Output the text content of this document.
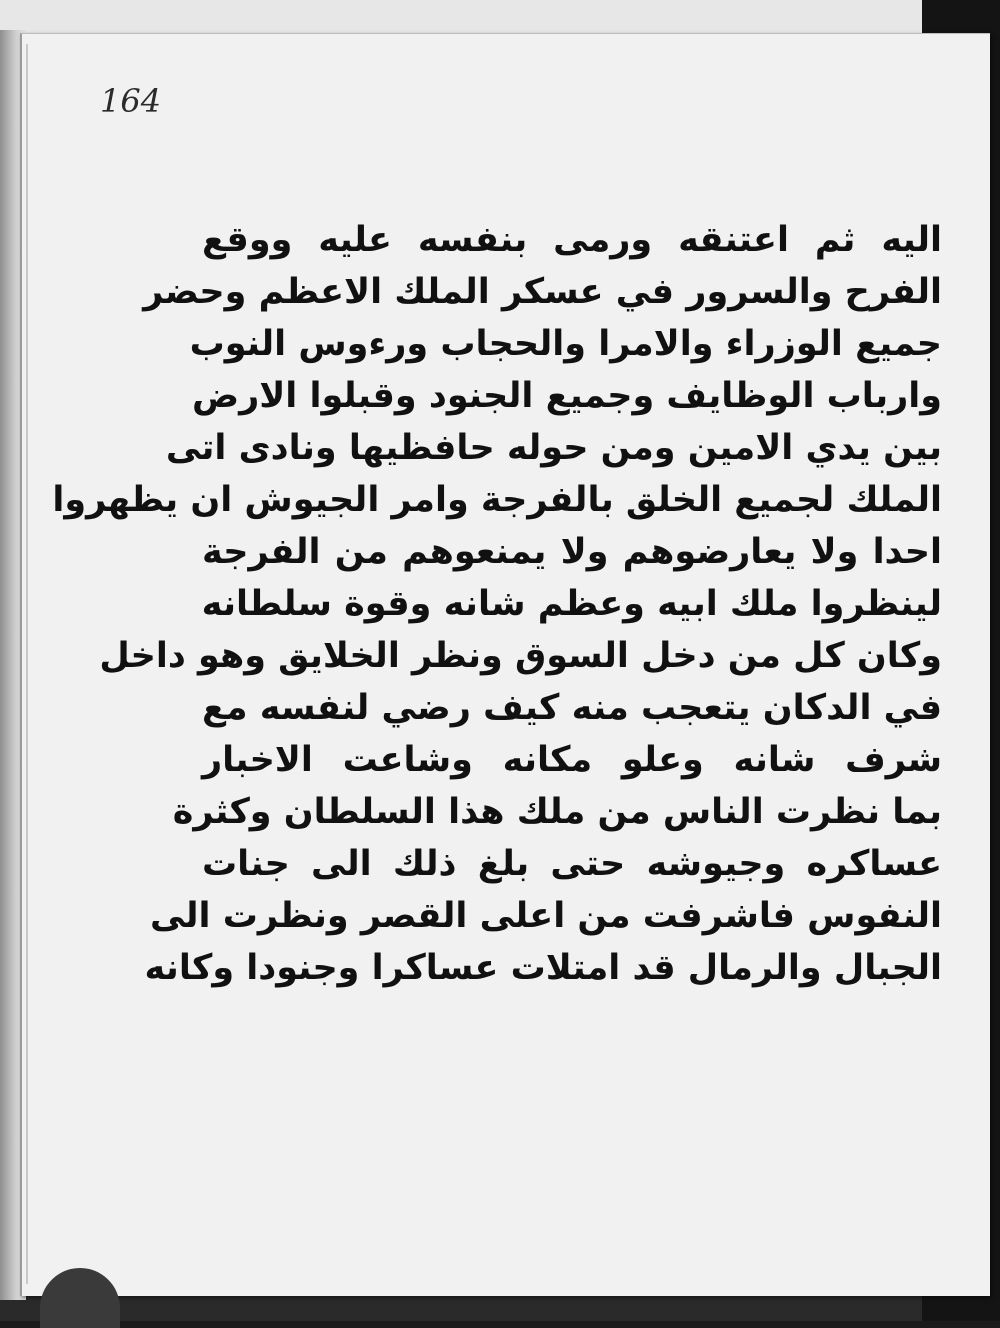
164
اليه ثم اعتنقه ورمى بنفسه عليه ووقع
الفرح والسرور في عسكر الملك الاعظم وحضر
جميع الوزراء والامرا والحجاب ورءوس النوب
وارباب الوظايف وجميع الجنود وقبلوا الارض
بين يدي الامين ومن حوله حافظيها ونادى اتى
الملك لجميع الخلق بالفرجة وامر الجيوش ان يظهروا
احدا ولا يعارضوهم ولا يمنعوهم من الفرجة
لينظروا ملك ابيه وعظم شانه وقوة سلطانه
وكان كل من دخل السوق ونظر الخلايق وهو داخل
في الدكان يتعجب منه كيف رضي لنفسه مع
شرف شانه وعلو مكانه وشاعت الاخبار
بما نظرت الناس من ملك هذا السلطان وكثرة
عساكره وجيوشه حتى بلغ ذلك الى جنات
النفوس فاشرفت من اعلى القصر ونظرت الى
الجبال والرمال قد امتلات عساكرا وجنودا وكانه
